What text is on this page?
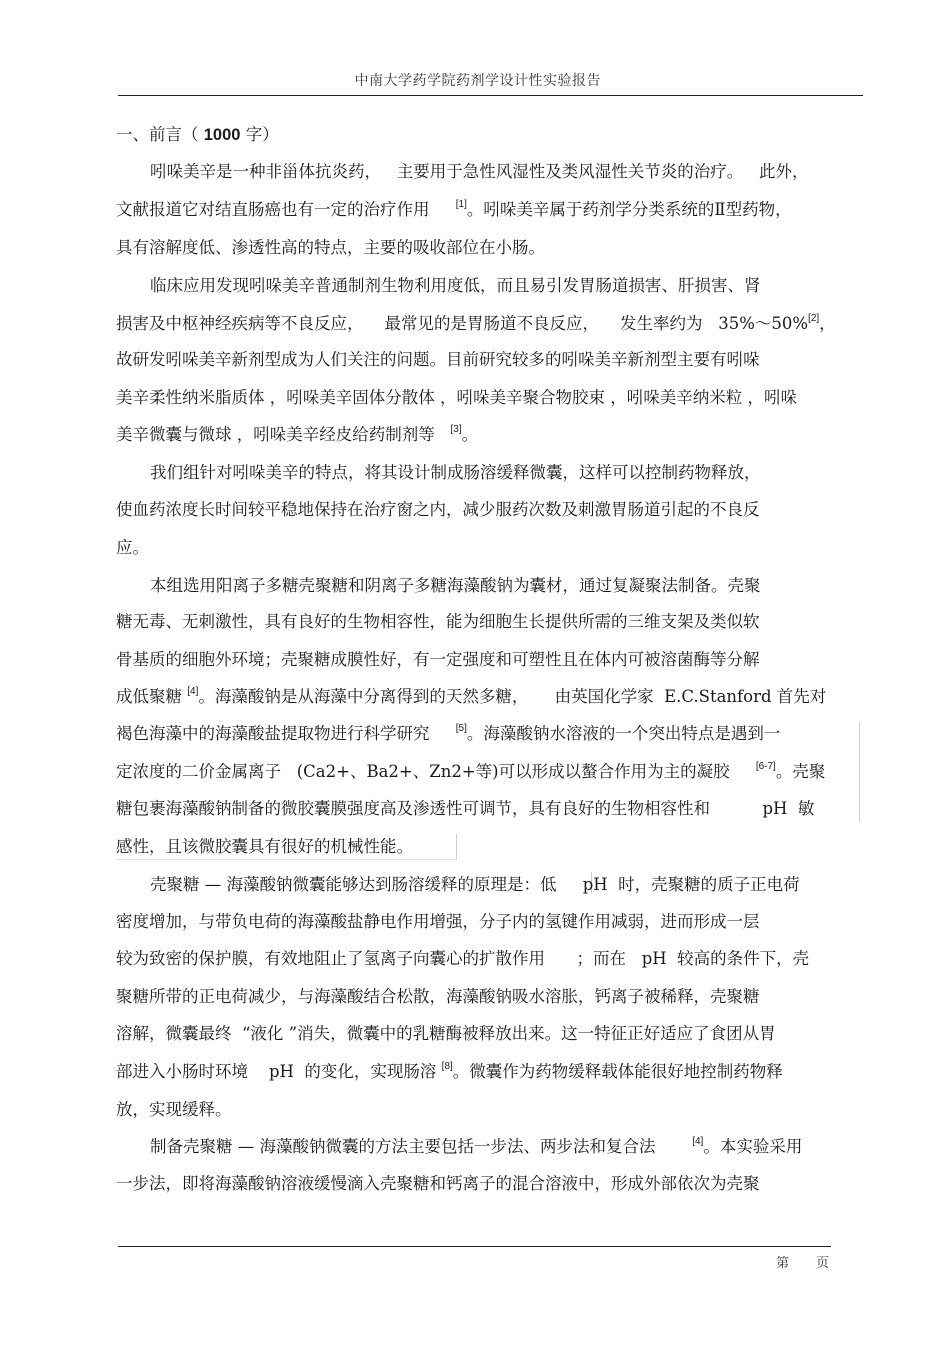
中南大学药学院药剂学设计性实验报告
一、前言（ 1000 字）
吲哚美辛是一种非甾体抗炎药，   主要用于急性风湿性及类风湿性关节炎的治疗。   此外，
文献报道它对结直肠癌也有一定的治疗作用     [1]。吲哚美辛属于药剂学分类系统的Ⅱ型药物，
具有溶解度低、渗透性高的特点，主要的吸收部位在小肠。
临床应用发现吲哚美辛普通制剂生物利用度低，而且易引发胃肠道损害、肝损害、肾
损害及中枢神经疾病等不良反应，    最常见的是胃肠道不良反应，    发生率约为   35%～50%[2]，
故研发吲哚美辛新剂型成为人们关注的问题。目前研究较多的吲哚美辛新剂型主要有吲哚
美辛柔性纳米脂质体 ，吲哚美辛固体分散体 ，吲哚美辛聚合物胶束 ，吲哚美辛纳米粒 ，吲哚
美辛微囊与微球 ，吲哚美辛经皮给药制剂等   [3]。
我们组针对吲哚美辛的特点，将其设计制成肠溶缓释微囊，这样可以控制药物释放，
使血药浓度长时间较平稳地保持在治疗窗之内，减少服药次数及刺激胃肠道引起的不良反
应。
本组选用阳离子多糖壳聚糖和阴离子多糖海藻酸钠为囊材，通过复凝聚法制备。壳聚
糖无毒、无刺激性，具有良好的生物相容性，能为细胞生长提供所需的三维支架及类似软
骨基质的细胞外环境；壳聚糖成膜性好，有一定强度和可塑性且在体内可被溶菌酶等分解
成低聚糖 [4]。海藻酸钠是从海藻中分离得到的天然多糖，     由英国化学家  E.C.Stanford 首先对
褐色海藻中的海藻酸盐提取物进行科学研究     [5]。海藻酸钠水溶液的一个突出特点是遇到一
定浓度的二价金属离子   (Ca2+、Ba2+、Zn2+等)可以形成以螯合作用为主的凝胶     [6-7]。壳聚
糖包裹海藻酸钠制备的微胶囊膜强度高及渗透性可调节，具有良好的生物相容性和          pH  敏
感性，且该微胶囊具有很好的机械性能。
壳聚糖 — 海藻酸钠微囊能够达到肠溶缓释的原理是：低     pH  时，壳聚糖的质子正电荷
密度增加，与带负电荷的海藻酸盐静电作用增强，分子内的氢键作用减弱，进而形成一层
较为致密的保护膜，有效地阻止了氢离子向囊心的扩散作用      ；而在   pH  较高的条件下，壳
聚糖所带的正电荷减少，与海藻酸结合松散，海藻酸钠吸水溶胀，钙离子被稀释，壳聚糖
溶解，微囊最终  “液化 ”消失，微囊中的乳糖酶被释放出来。这一特征正好适应了食团从胃
部进入小肠时环境    pH  的变化，实现肠溶 [8]。微囊作为药物缓释载体能很好地控制药物释
放，实现缓释。
制备壳聚糖 — 海藻酸钠微囊的方法主要包括一步法、两步法和复合法       [4]。本实验采用
一步法，即将海藻酸钠溶液缓慢滴入壳聚糖和钙离子的混合溶液中，形成外部依次为壳聚
第 页
